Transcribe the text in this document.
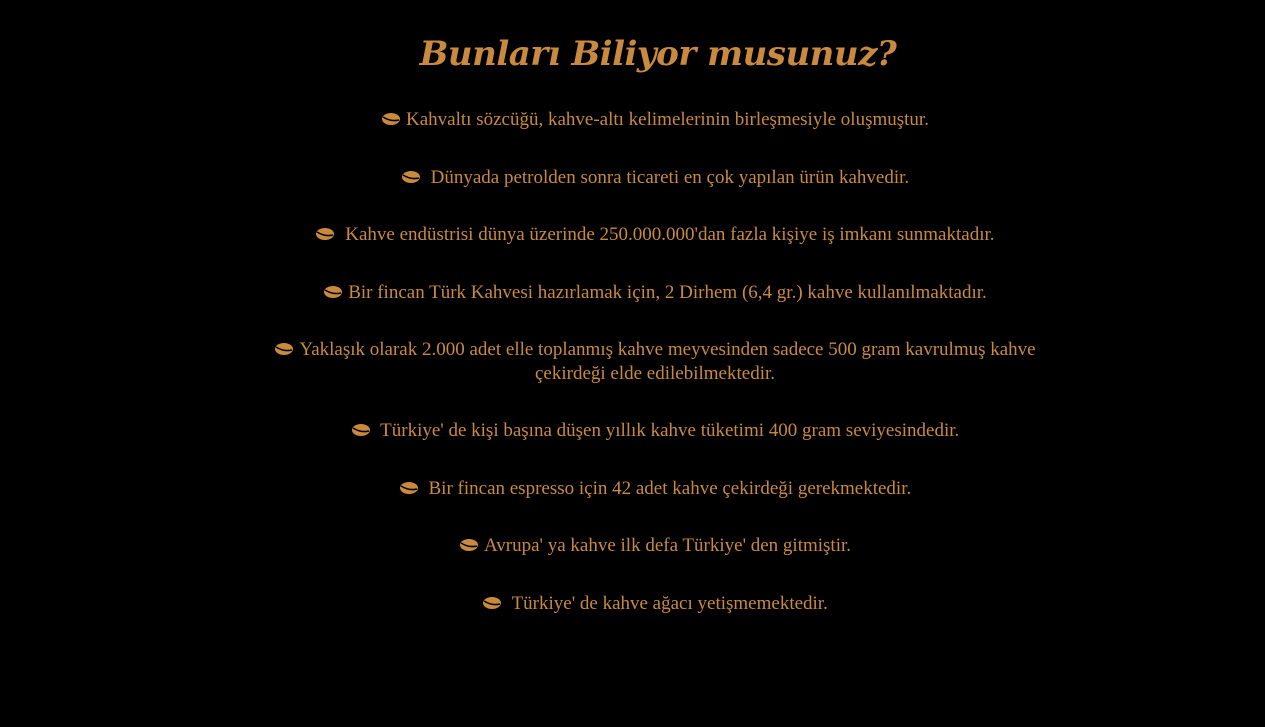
Bunları Biliyor musunuz?
Kahvaltı sözcüğü, kahve-altı kelimelerinin birleşmesiyle oluşmuştur.
Dünyada petrolden sonra ticareti en çok yapılan ürün kahvedir.
Kahve endüstrisi dünya üzerinde 250.000.000'dan fazla kişiye iş imkanı sunmaktadır.
Bir fincan Türk Kahvesi hazırlamak için, 2 Dirhem (6,4 gr.) kahve kullanılmaktadır.
Yaklaşık olarak 2.000 adet elle toplanmış kahve meyvesinden sadece 500 gram kavrulmuş kahve çekirdeği elde edilebilmektedir.
Türkiye' de kişi başına düşen yıllık kahve tüketimi 400 gram seviyesindedir.
Bir fincan espresso için 42 adet kahve çekirdeği gerekmektedir.
Avrupa' ya kahve ilk defa Türkiye' den gitmiştir.
Türkiye' de kahve ağacı yetişmemektedir.
